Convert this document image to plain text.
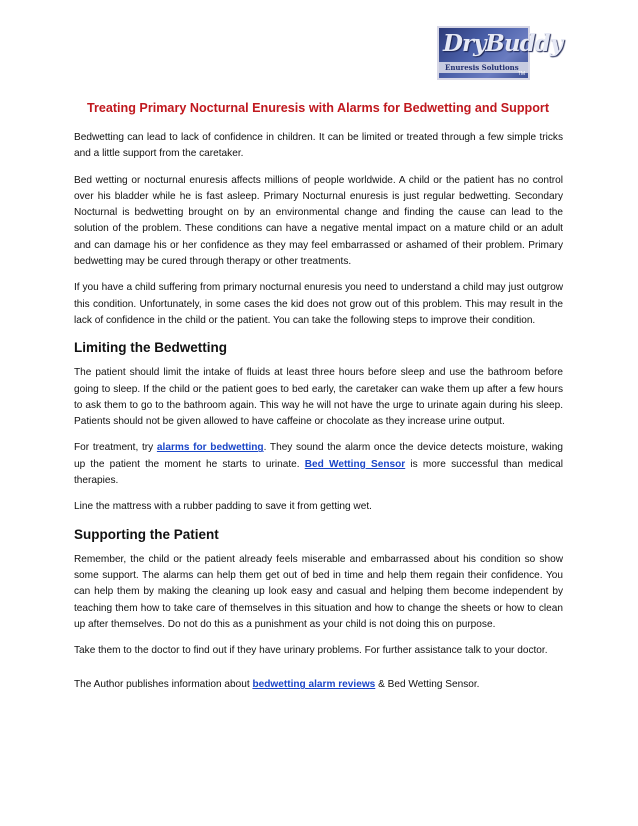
DryBuddy
Enuresis Solutions
TM
Treating Primary Nocturnal Enuresis with Alarms for Bedwetting and Support

Bedwetting can lead to lack of confidence in children. It can be limited or treated through a few simple tricks and a little support from the caretaker.

Bed wetting or nocturnal enuresis affects millions of people worldwide. A child or the patient has no control over his bladder while he is fast asleep. Primary Nocturnal enuresis is just regular bedwetting. Secondary Nocturnal is bedwetting brought on by an environmental change and finding the cause can lead to the solution of the problem. These conditions can have a negative mental impact on a mature child or an adult and can damage his or her confidence as they may feel embarrassed or ashamed of their problem. Primary bedwetting may be cured through therapy or other treatments.

If you have a child suffering from primary nocturnal enuresis you need to understand a child may just outgrow this condition. Unfortunately, in some cases the kid does not grow out of this problem. This may result in the lack of confidence in the child or the patient. You can take the following steps to improve their condition.

Limiting the Bedwetting

The patient should limit the intake of fluids at least three hours before sleep and use the bathroom before going to sleep. If the child or the patient goes to bed early, the caretaker can wake them up after a few hours to ask them to go to the bathroom again. This way he will not have the urge to urinate again during his sleep. Patients should not be given allowed to have caffeine or chocolate as they increase urine output.

For treatment, try alarms for bedwetting. They sound the alarm once the device detects moisture, waking up the patient the moment he starts to urinate. Bed Wetting Sensor is more successful than medical therapies.

Line the mattress with a rubber padding to save it from getting wet.

Supporting the Patient

Remember, the child or the patient already feels miserable and embarrassed about his condition so show some support. The alarms can help them get out of bed in time and help them regain their confidence. You can help them by making the cleaning up look easy and casual and helping them become independent by teaching them how to take care of themselves in this situation and how to change the sheets or how to clean up after themselves. Do not do this as a punishment as your child is not doing this on purpose.

Take them to the doctor to find out if they have urinary problems. For further assistance talk to your doctor.

The Author publishes information about bedwetting alarm reviews & Bed Wetting Sensor.
